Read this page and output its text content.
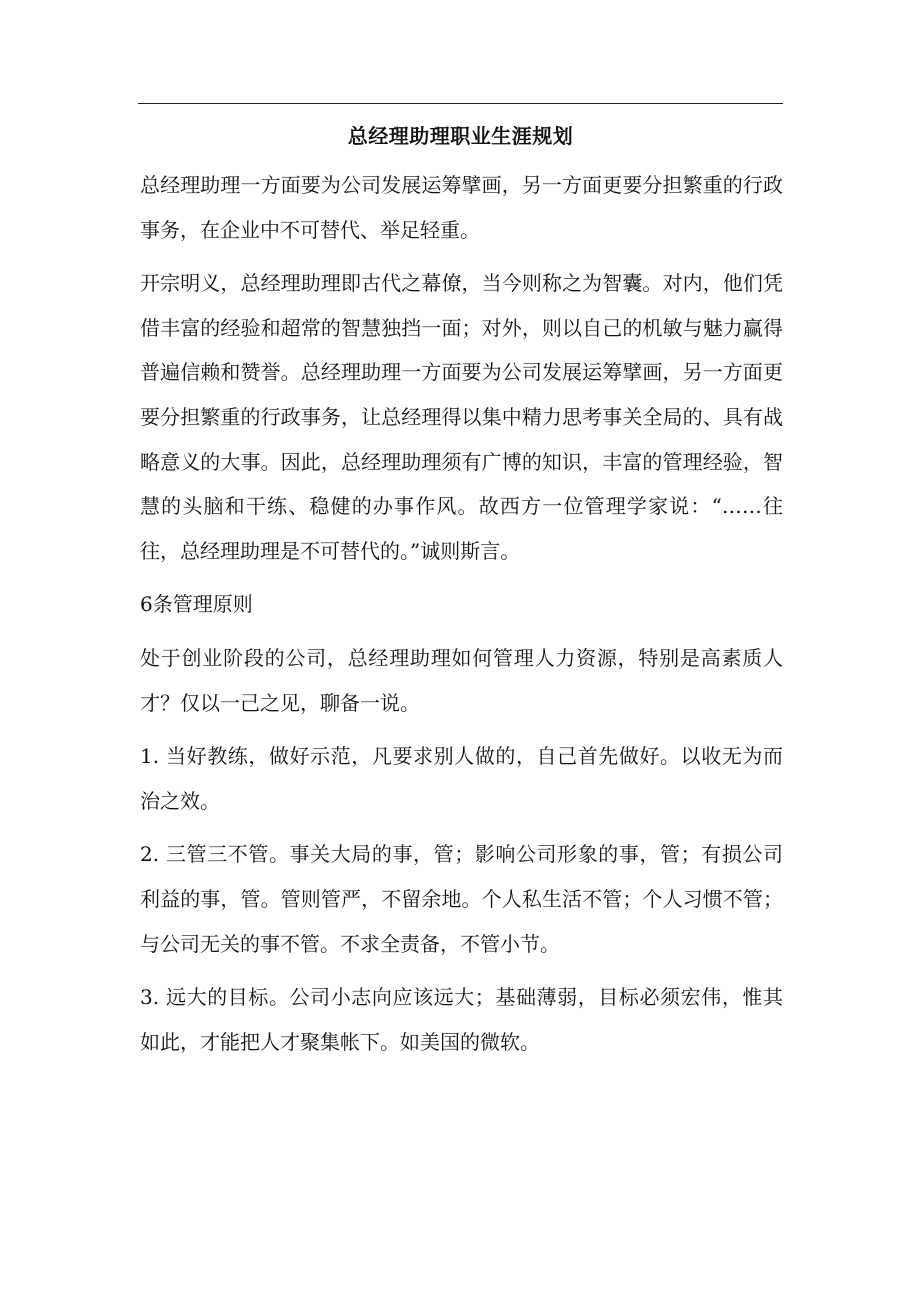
总经理助理职业生涯规划

总经理助理一方面要为公司发展运筹擘画，另一方面更要分担繁重的行政事务，在企业中不可替代、举足轻重。

开宗明义，总经理助理即古代之幕僚，当今则称之为智囊。对内，他们凭借丰富的经验和超常的智慧独挡一面；对外，则以自己的机敏与魅力赢得普遍信赖和赞誉。总经理助理一方面要为公司发展运筹擘画，另一方面更要分担繁重的行政事务，让总经理得以集中精力思考事关全局的、具有战略意义的大事。因此，总经理助理须有广博的知识，丰富的管理经验，智慧的头脑和干练、稳健的办事作风。故西方一位管理学家说：“……往往，总经理助理是不可替代的。”诚则斯言。

6条管理原则

处于创业阶段的公司，总经理助理如何管理人力资源，特别是高素质人才？仅以一己之见，聊备一说。

1. 当好教练，做好示范，凡要求别人做的，自己首先做好。以收无为而治之效。

2. 三管三不管。事关大局的事，管；影响公司形象的事，管；有损公司利益的事，管。管则管严，不留余地。个人私生活不管；个人习惯不管；与公司无关的事不管。不求全责备，不管小节。

3. 远大的目标。公司小志向应该远大；基础薄弱，目标必须宏伟，惟其如此，才能把人才聚集帐下。如美国的微软。
